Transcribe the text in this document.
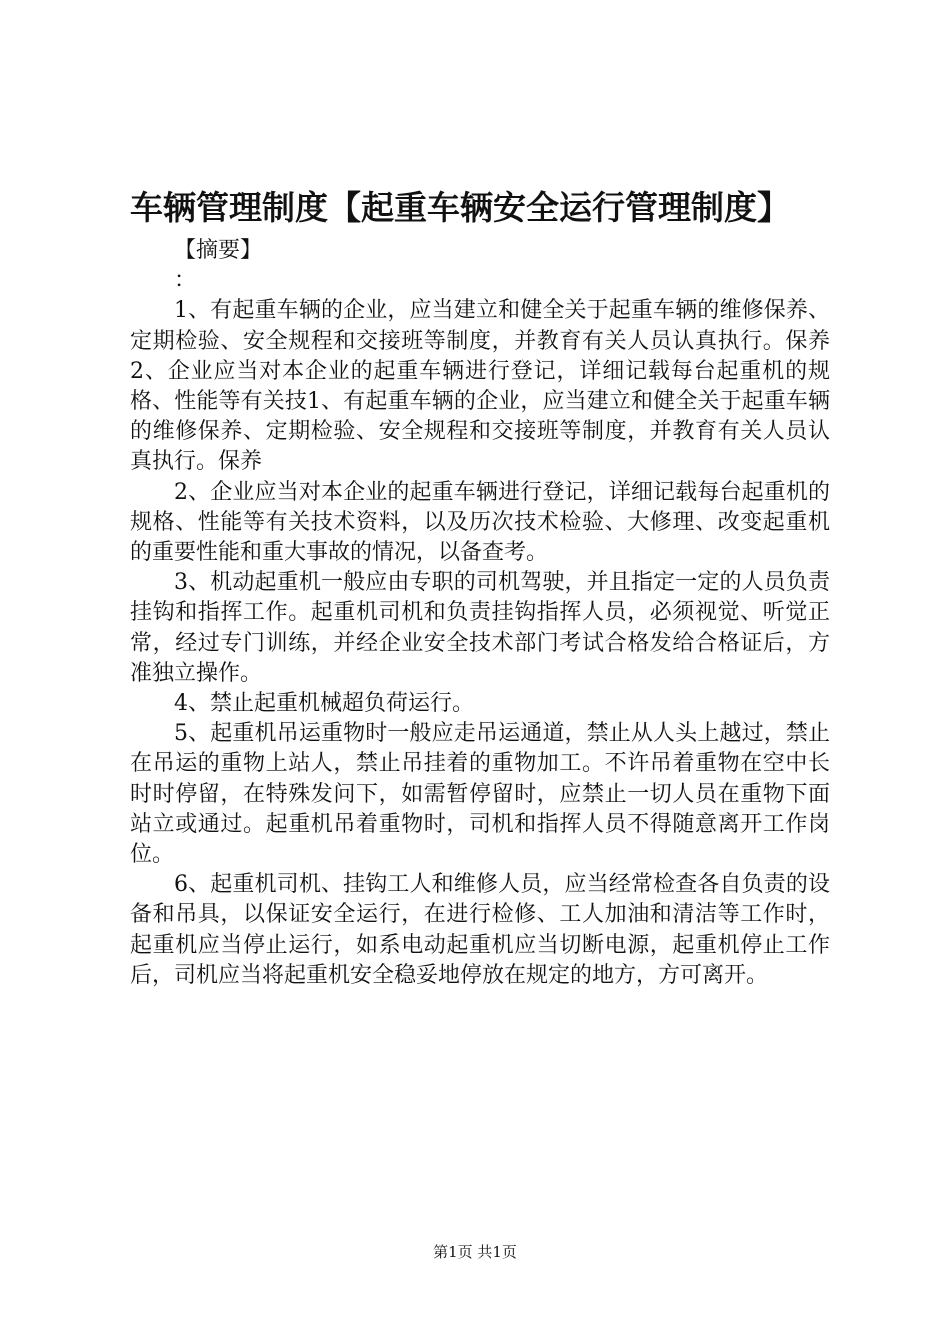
车辆管理制度【起重车辆安全运行管理制度】

【摘要】

：

1、有起重车辆的企业，应当建立和健全关于起重车辆的维修保养、定期检验、安全规程和交接班等制度，并教育有关人员认真执行。保养2、企业应当对本企业的起重车辆进行登记，详细记载每台起重机的规格、性能等有关技1、有起重车辆的企业，应当建立和健全关于起重车辆的维修保养、定期检验、安全规程和交接班等制度，并教育有关人员认真执行。保养

2、企业应当对本企业的起重车辆进行登记，详细记载每台起重机的规格、性能等有关技术资料，以及历次技术检验、大修理、改变起重机的重要性能和重大事故的情况，以备查考。

3、机动起重机一般应由专职的司机驾驶，并且指定一定的人员负责挂钩和指挥工作。起重机司机和负责挂钩指挥人员，必须视觉、听觉正常，经过专门训练，并经企业安全技术部门考试合格发给合格证后，方准独立操作。

4、禁止起重机械超负荷运行。

5、起重机吊运重物时一般应走吊运通道，禁止从人头上越过，禁止在吊运的重物上站人，禁止吊挂着的重物加工。不许吊着重物在空中长时时停留，在特殊发问下，如需暂停留时，应禁止一切人员在重物下面站立或通过。起重机吊着重物时，司机和指挥人员不得随意离开工作岗位。

6、起重机司机、挂钩工人和维修人员，应当经常检查各自负责的设备和吊具，以保证安全运行，在进行检修、工人加油和清洁等工作时，起重机应当停止运行，如系电动起重机应当切断电源，起重机停止工作后，司机应当将起重机安全稳妥地停放在规定的地方，方可离开。

第1页 共1页
